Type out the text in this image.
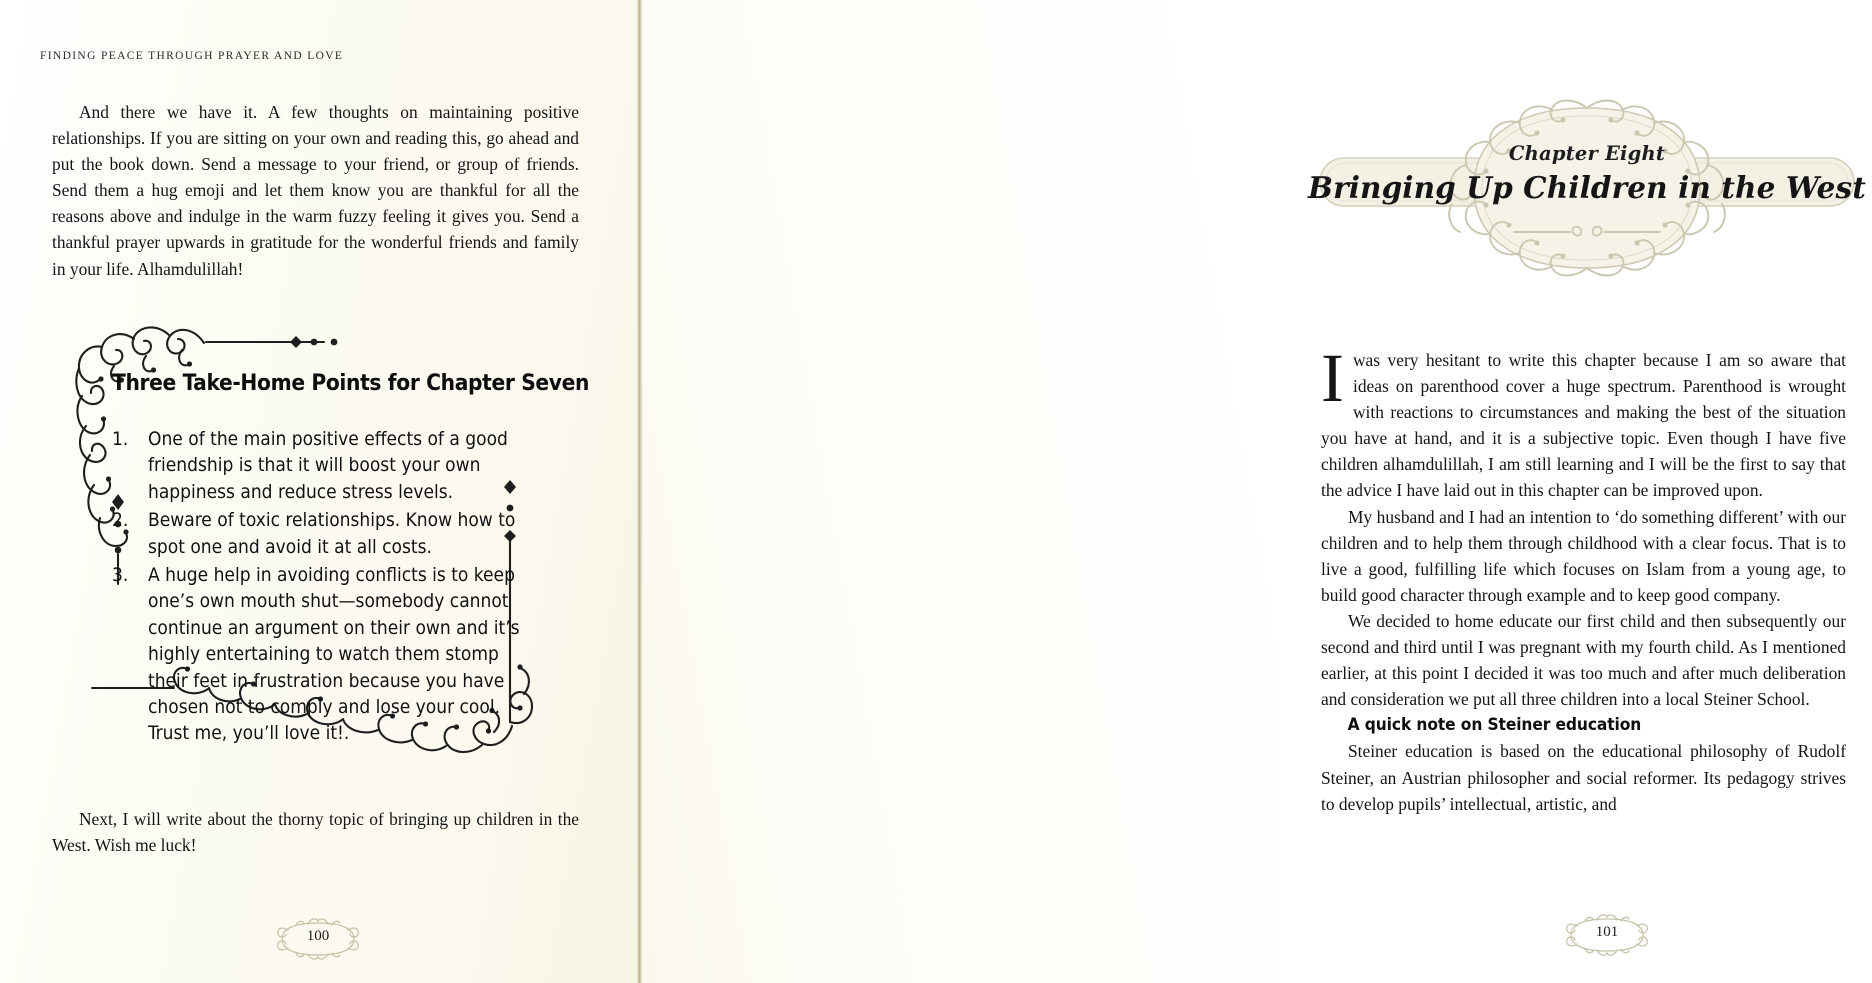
FINDING PEACE THROUGH PRAYER AND LOVE

And there we have it. A few thoughts on maintaining positive relationships. If you are sitting on your own and reading this, go ahead and put the book down. Send a message to your friend, or group of friends. Send them a hug emoji and let them know you are thankful for all the reasons above and indulge in the warm fuzzy feeling it gives you. Send a thankful prayer upwards in gratitude for the wonderful friends and family in your life. Alhamdulillah!

Three Take-Home Points for Chapter Seven
1.	One of the main positive effects of a good friendship is that it will boost your own happiness and reduce stress levels.
2.	Beware of toxic relationships. Know how to spot one and avoid it at all costs.
3.	A huge help in avoiding conflicts is to keep one’s own mouth shut—somebody cannot continue an argument on their own and it’s highly entertaining to watch them stomp their feet in frustration because you have chosen not to comply and lose your cool. Trust me, you’ll love it!.

Next, I will write about the thorny topic of bringing up children in the West. Wish me luck!

100
Chapter Eight
Bringing Up Children in the West

I was very hesitant to write this chapter because I am so aware that ideas on parenthood cover a huge spectrum. Parenthood is wrought with reactions to circumstances and making the best of the situation you have at hand, and it is a subjective topic. Even though I have five children alhamdulillah, I am still learning and I will be the first to say that the advice I have laid out in this chapter can be improved upon.

My husband and I had an intention to ‘do something different’ with our children and to help them through childhood with a clear focus. That is to live a good, fulfilling life which focuses on Islam from a young age, to build good character through example and to keep good company.

We decided to home educate our first child and then subsequently our second and third until I was pregnant with my fourth child. As I mentioned earlier, at this point I decided it was too much and after much deliberation and consideration we put all three children into a local Steiner School.

A quick note on Steiner education

Steiner education is based on the educational philosophy of Rudolf Steiner, an Austrian philosopher and social reformer. Its pedagogy strives to develop pupils’ intellectual, artistic, and

101
